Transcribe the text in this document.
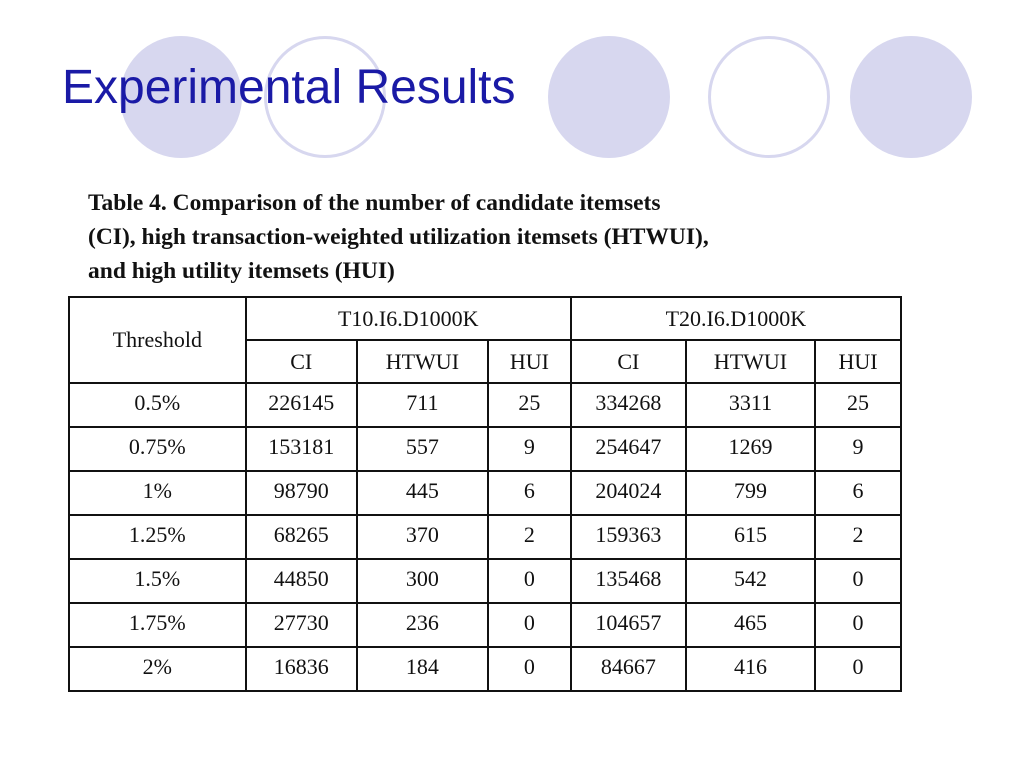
Experimental Results
Table 4. Comparison of the number of candidate itemsets
(CI), high transaction-weighted utilization itemsets (HTWUI),
and high utility itemsets (HUI)
Threshold	T10.I6.D1000K			T20.I6.D1000K		
	CI	HTWUI	HUI	CI	HTWUI	HUI
0.5%	226145	711	25	334268	3311	25
0.75%	153181	557	9	254647	1269	9
1%	98790	445	6	204024	799	6
1.25%	68265	370	2	159363	615	2
1.5%	44850	300	0	135468	542	0
1.75%	27730	236	0	104657	465	0
2%	16836	184	0	84667	416	0
